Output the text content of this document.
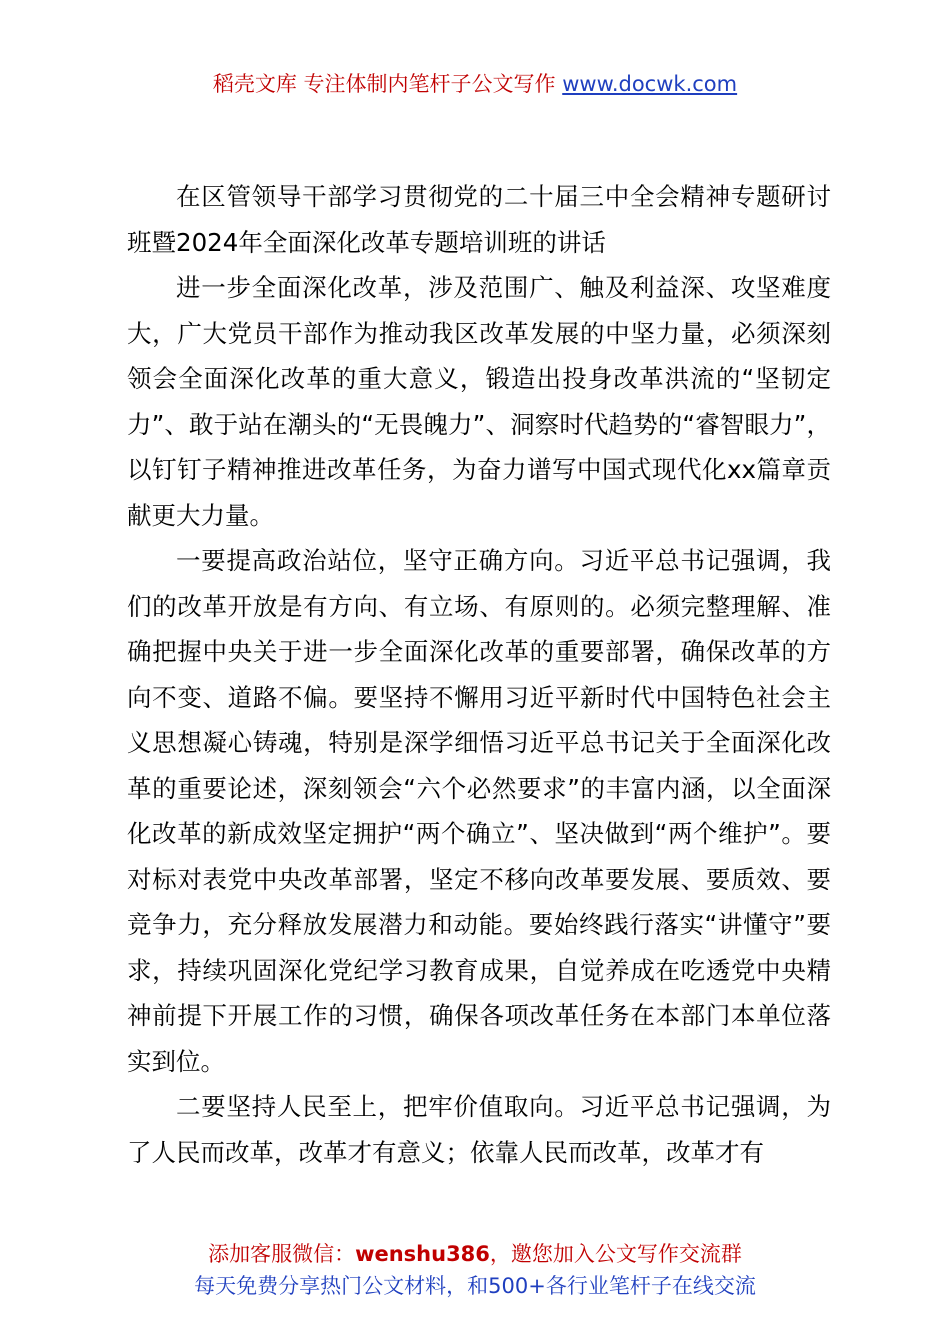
稻壳文库 专注体制内笔杆子公文写作 www.docwk.com

在区管领导干部学习贯彻党的二十届三中全会精神专题研讨班暨2024年全面深化改革专题培训班的讲话

进一步全面深化改革，涉及范围广、触及利益深、攻坚难度大，广大党员干部作为推动我区改革发展的中坚力量，必须深刻领会全面深化改革的重大意义，锻造出投身改革洪流的“坚韧定力”、敢于站在潮头的“无畏魄力”、洞察时代趋势的“睿智眼力”，以钉钉子精神推进改革任务，为奋力谱写中国式现代化xx篇章贡献更大力量。

一要提高政治站位，坚守正确方向。习近平总书记强调，我们的改革开放是有方向、有立场、有原则的。必须完整理解、准确把握中央关于进一步全面深化改革的重要部署，确保改革的方向不变、道路不偏。要坚持不懈用习近平新时代中国特色社会主义思想凝心铸魂，特别是深学细悟习近平总书记关于全面深化改革的重要论述，深刻领会“六个必然要求”的丰富内涵，以全面深化改革的新成效坚定拥护“两个确立”、坚决做到“两个维护”。要对标对表党中央改革部署，坚定不移向改革要发展、要质效、要竞争力，充分释放发展潜力和动能。要始终践行落实“讲懂守”要求，持续巩固深化党纪学习教育成果，自觉养成在吃透党中央精神前提下开展工作的习惯，确保各项改革任务在本部门本单位落实到位。

二要坚持人民至上，把牢价值取向。习近平总书记强调，为了人民而改革，改革才有意义；依靠人民而改革，改革才有

添加客服微信：wenshu386，邀您加入公文写作交流群
每天免费分享热门公文材料，和500+各行业笔杆子在线交流
